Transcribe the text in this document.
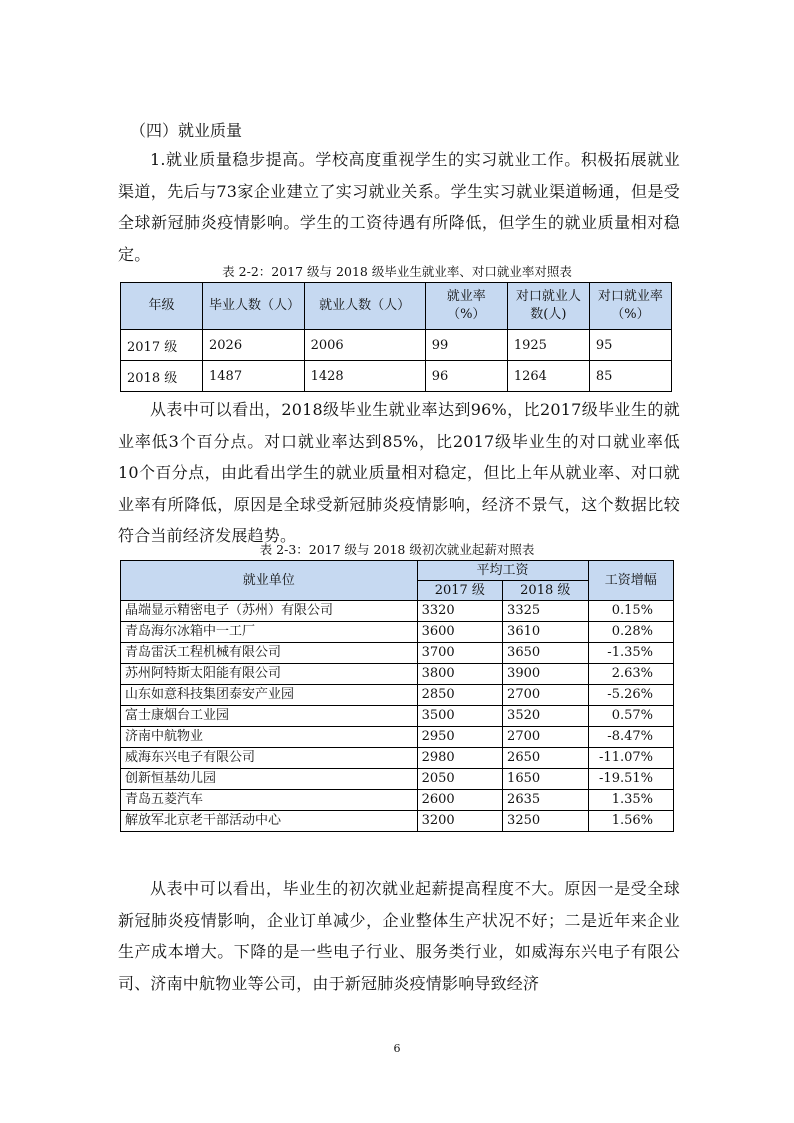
（四）就业质量

1.就业质量稳步提高。学校高度重视学生的实习就业工作。积极拓展就业渠道，先后与73家企业建立了实习就业关系。学生实习就业渠道畅通，但是受全球新冠肺炎疫情影响。学生的工资待遇有所降低，但学生的就业质量相对稳定。

表 2-2：2017 级与 2018 级毕业生就业率、对口就业率对照表
年级	毕业人数（人）	就业人数（人）	就业率（%）	对口就业人数(人)	对口就业率（%）
2017 级	2026	2006	99	1925	95
2018 级	1487	1428	96	1264	85

从表中可以看出，2018级毕业生就业率达到96%，比2017级毕业生的就业率低3个百分点。对口就业率达到85%，比2017级毕业生的对口就业率低10个百分点，由此看出学生的就业质量相对稳定，但比上年从就业率、对口就业率有所降低，原因是全球受新冠肺炎疫情影响，经济不景气，这个数据比较符合当前经济发展趋势。

表 2-3：2017 级与 2018 级初次就业起薪对照表
就业单位	平均工资		工资增幅
	2017 级	2018 级	
晶端显示精密电子（苏州）有限公司	3320	3325	0.15%
青岛海尔冰箱中一工厂	3600	3610	0.28%
青岛雷沃工程机械有限公司	3700	3650	-1.35%
苏州阿特斯太阳能有限公司	3800	3900	2.63%
山东如意科技集团泰安产业园	2850	2700	-5.26%
富士康烟台工业园	3500	3520	0.57%
济南中航物业	2950	2700	-8.47%
威海东兴电子有限公司	2980	2650	-11.07%
创新恒基幼儿园	2050	1650	-19.51%
青岛五菱汽车	2600	2635	1.35%
解放军北京老干部活动中心	3200	3250	1.56%

从表中可以看出，毕业生的初次就业起薪提高程度不大。原因一是受全球新冠肺炎疫情影响，企业订单减少，企业整体生产状况不好；二是近年来企业生产成本增大。下降的是一些电子行业、服务类行业，如威海东兴电子有限公司、济南中航物业等公司，由于新冠肺炎疫情影响导致经济

6
